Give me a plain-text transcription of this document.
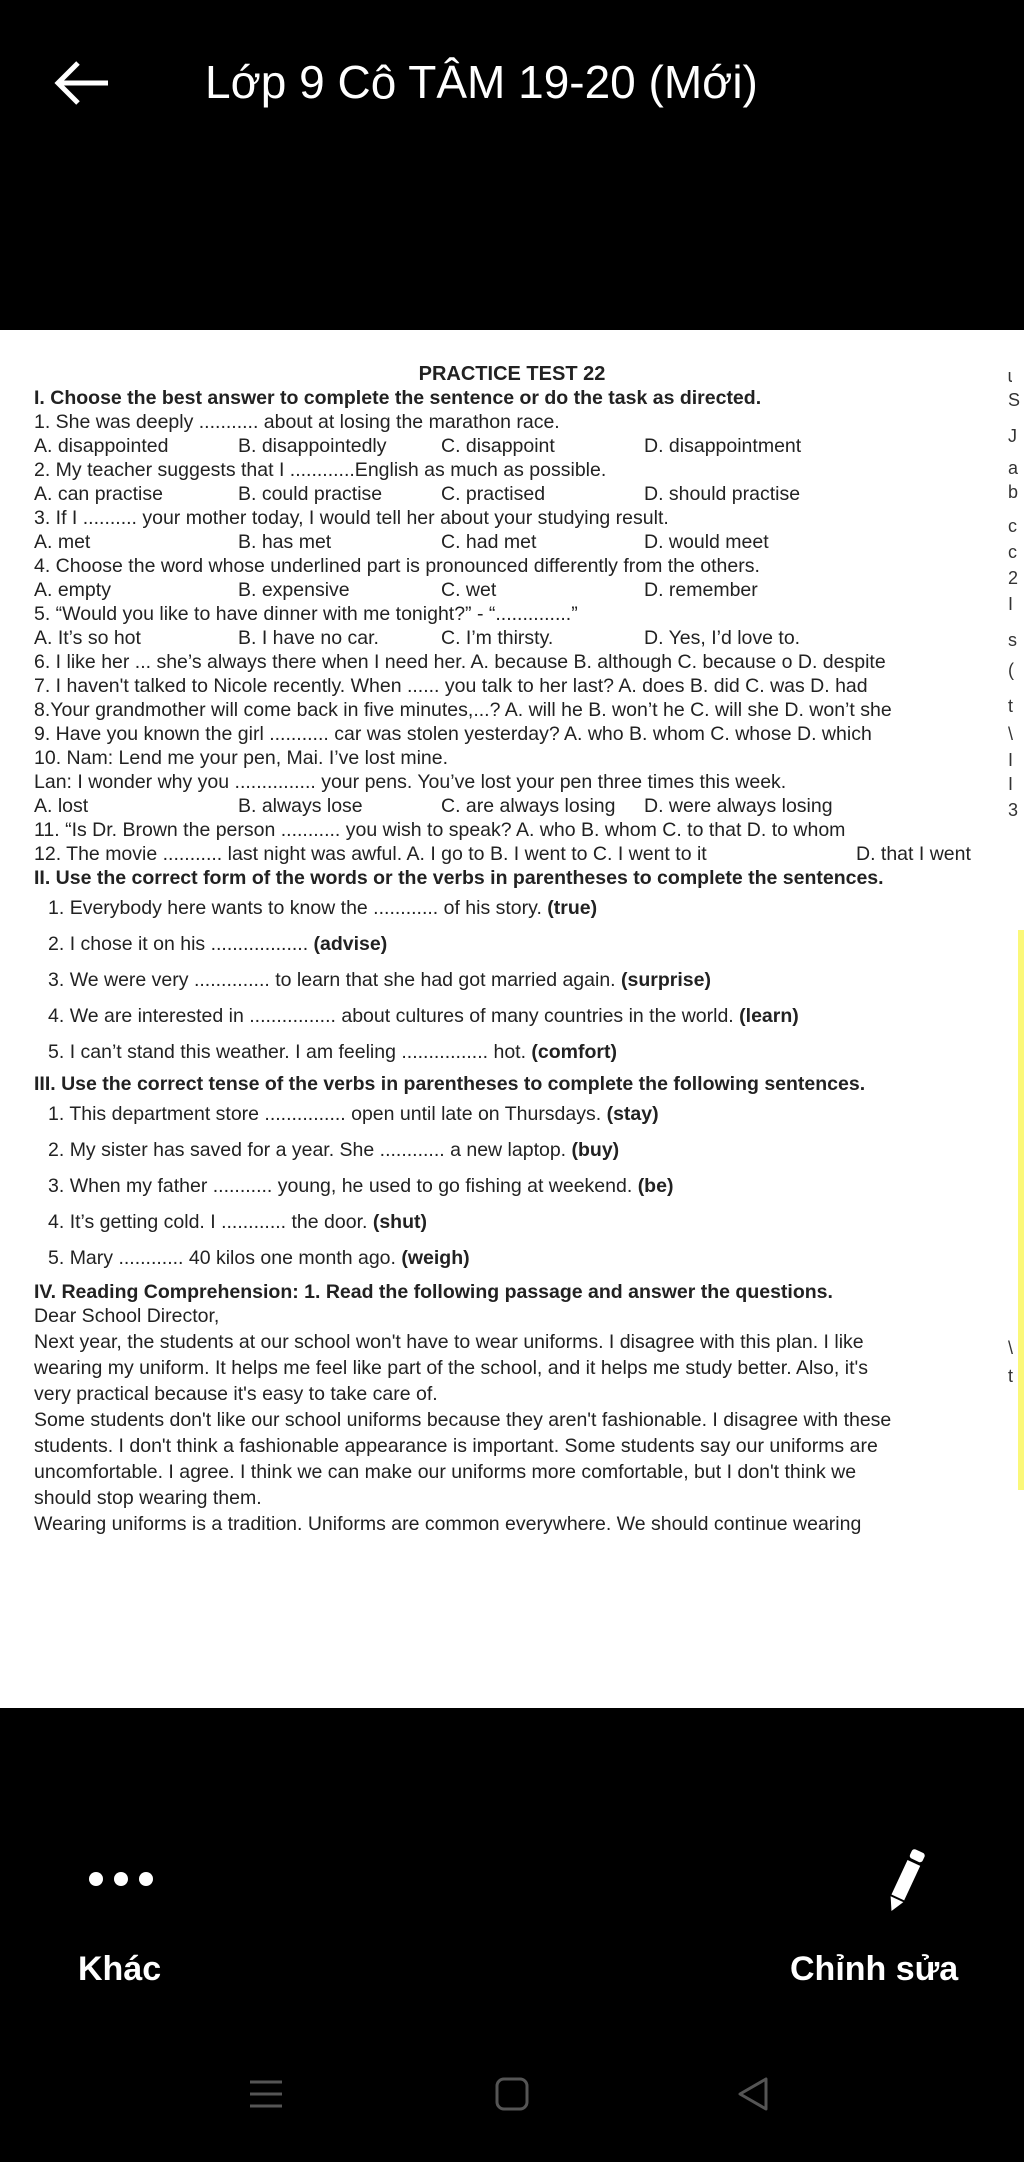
Lớp 9 Cô TÂM 19-20 (Mới)
PRACTICE TEST 22
I. Choose the best answer to complete the sentence or do the task as directed.
1. She was deeply ........... about at losing the marathon race.
A. disappointed	B. disappointedly	C. disappoint	D. disappointment
2. My teacher suggests that I ............English as much as possible.
A. can practise	B. could practise	C. practised	D. should practise
3. If I .......... your mother today, I would tell her about your studying result.
A. met	B. has met	C. had met	D. would meet
4. Choose the word whose underlined part is pronounced differently from the others.
A. empty	B. expensive	C. wet	D. remember
5. “Would you like to have dinner with me tonight?” - “..............”
A. It’s so hot	B. I have no car.	C. I’m thirsty.	D. Yes, I’d love to.
6. I like her ... she’s always there when I need her. A. because B. although C. because o D. despite
7. I haven't talked to Nicole recently. When ...... you talk to her last? A. does B. did C. was D. had
8.Your grandmother will come back in five minutes,...? A. will he B. won’t he C. will she D. won’t she
9. Have you known the girl ........... car was stolen yesterday? A. who B. whom C. whose D. which
10. Nam: Lend me your pen, Mai. I’ve lost mine.
Lan: I wonder why you ............... your pens. You’ve lost your pen three times this week.
A. lost	B. always lose	C. are always losing D. were always losing
11. “Is Dr. Brown the person ........... you wish to speak? A. who B. whom C. to that D. to whom
12. The movie ........... last night was awful. A. I go to B. I went to C. I went to it	D. that I went
II. Use the correct form of the words or the verbs in parentheses to complete the sentences.
1. Everybody here wants to know the ............ of his story. (true)
2. I chose it on his .................. (advise)
3. We were very .............. to learn that she had got married again. (surprise)
4. We are interested in ................ about cultures of many countries in the world. (learn)
5. I can’t stand this weather. I am feeling ................ hot. (comfort)
III. Use the correct tense of the verbs in parentheses to complete the following sentences.
1. This department store ............... open until late on Thursdays. (stay)
2. My sister has saved for a year. She ............ a new laptop. (buy)
3. When my father ........... young, he used to go fishing at weekend. (be)
4. It’s getting cold. I ............ the door. (shut)
5. Mary ............ 40 kilos one month ago. (weigh)
IV. Reading Comprehension: 1. Read the following passage and answer the questions.
Dear School Director,
Next year, the students at our school won't have to wear uniforms. I disagree with this plan. I like
wearing my uniform. It helps me feel like part of the school, and it helps me study better. Also, it's
very practical because it's easy to take care of.
Some students don't like our school uniforms because they aren't fashionable. I disagree with these
students. I don't think a fashionable appearance is important. Some students say our uniforms are
uncomfortable. I agree. I think we can make our uniforms more comfortable, but I don't think we
should stop wearing them.
Wearing uniforms is a tradition. Uniforms are common everywhere. We should continue wearing
ɩ
S
J
a
b
c
c
2
I
s
(
t
\
I
I
3
\
t
Khác	Chỉnh sửa
